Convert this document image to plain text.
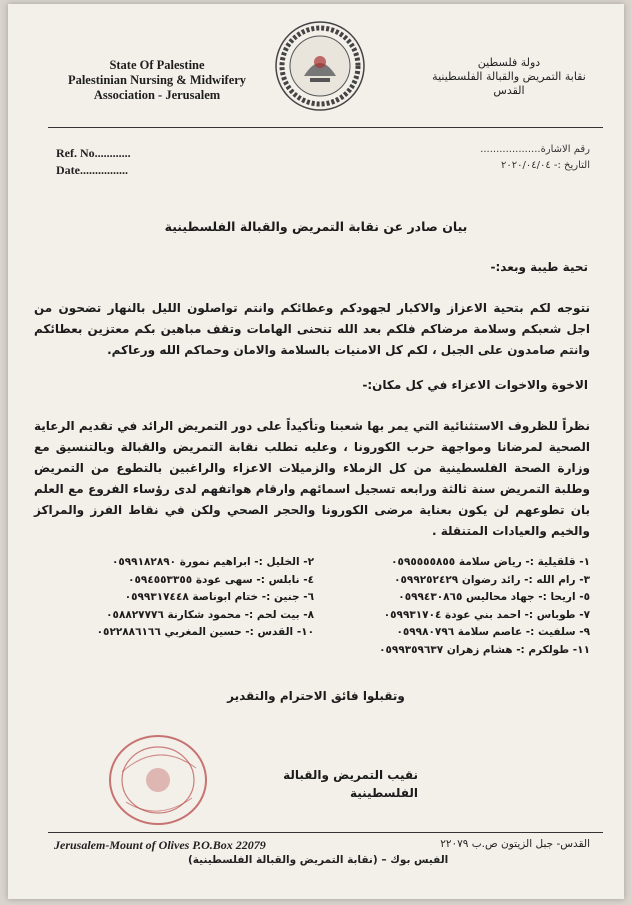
State Of Palestine
Palestinian Nursing & Midwifery
Association - Jerusalem
دولة فلسطين
نقابة التمريض والقبالة الفلسطينية
القدس
Ref. No............
Date................
رقم الاشارة...................
التاريخ :- ٢٠٢٠/٠٤/٠٤
بيان صادر عن نقابة التمريض والقبالة الفلسطينية
تحية طيبة وبعد:-
نتوجه لكم بتحية الاعزاز والاكبار لجهودكم وعطائكم وانتم تواصلون الليل بالنهار تضحون من اجل شعبكم وسلامة مرضاكم فلكم بعد الله تنحنى الهامات وتقف مباهين بكم معتزين بعطائكم وانتم صامدون على الجبل ، لكم كل الامنيات بالسلامة والامان وحماكم الله ورعاكم.
الاخوة والاخوات الاعزاء في كل مكان:-
نظراً للظروف الاستثنائية التي يمر بها شعبنا وتأكيداً على دور التمريض الرائد في تقديم الرعاية الصحية لمرضانا ومواجهة حرب الكورونا ، وعليه تطلب نقابة التمريض والقبالة وبالتنسيق مع وزارة الصحة الفلسطينية من كل الزملاء والزميلات الاعزاء والراغبين بالتطوع من التمريض وطلبة التمريض سنة ثالثة ورابعه تسجيل اسمائهم وارقام هواتفهم لدى رؤساء الفروع مع العلم بان تطوعهم لن يكون بعناية مرضى الكورونا والحجر الصحي ولكن في نقاط الفرز والمراكز والخيم والعيادات المتنقلة .
١- قلقيلية :- رياض سلامة ٠٥٩٥٥٥٥٨٥٥
٢- الخليل :- ابراهيم نمورة ٠٥٩٩١٨٢٨٩٠
٣- رام الله :- رائد رضوان ٠٥٩٩٢٥٢٤٢٩
٤- نابلس :- سهى عودة ٠٥٩٤٥٥٣٣٥٥
٥- اريحا :- جهاد محاليس ٠٥٩٩٤٣٠٨٦٥
٦- جنين :- ختام ابوناصة ٠٥٩٩٣١٧٤٤٨
٧- طوباس :- احمد بني عودة ٠٥٩٩٣١٧٠٤
٨- بيت لحم :- محمود شكارنة ٠٥٨٨٢٧٧٧٦
٩- سلفيت :- عاصم سلامة ٠٥٩٩٨٠٧٩٦
١٠- القدس :- حسين المغربي ٠٥٢٢٨٨٦١٦٦
١١- طولكرم :- هشام زهران ٠٥٩٩٣٥٩٦٣٧
وتقبلوا فائق الاحترام والتقدير
نقيب التمريض والقبالة الفلسطينية
Jerusalem-Mount of Olives P.O.Box 22079	القدس- جبل الزيتون ص.ب ٢٢٠٧٩
الفيس بوك – (نقابة التمريض والقبالة الفلسطينية)
